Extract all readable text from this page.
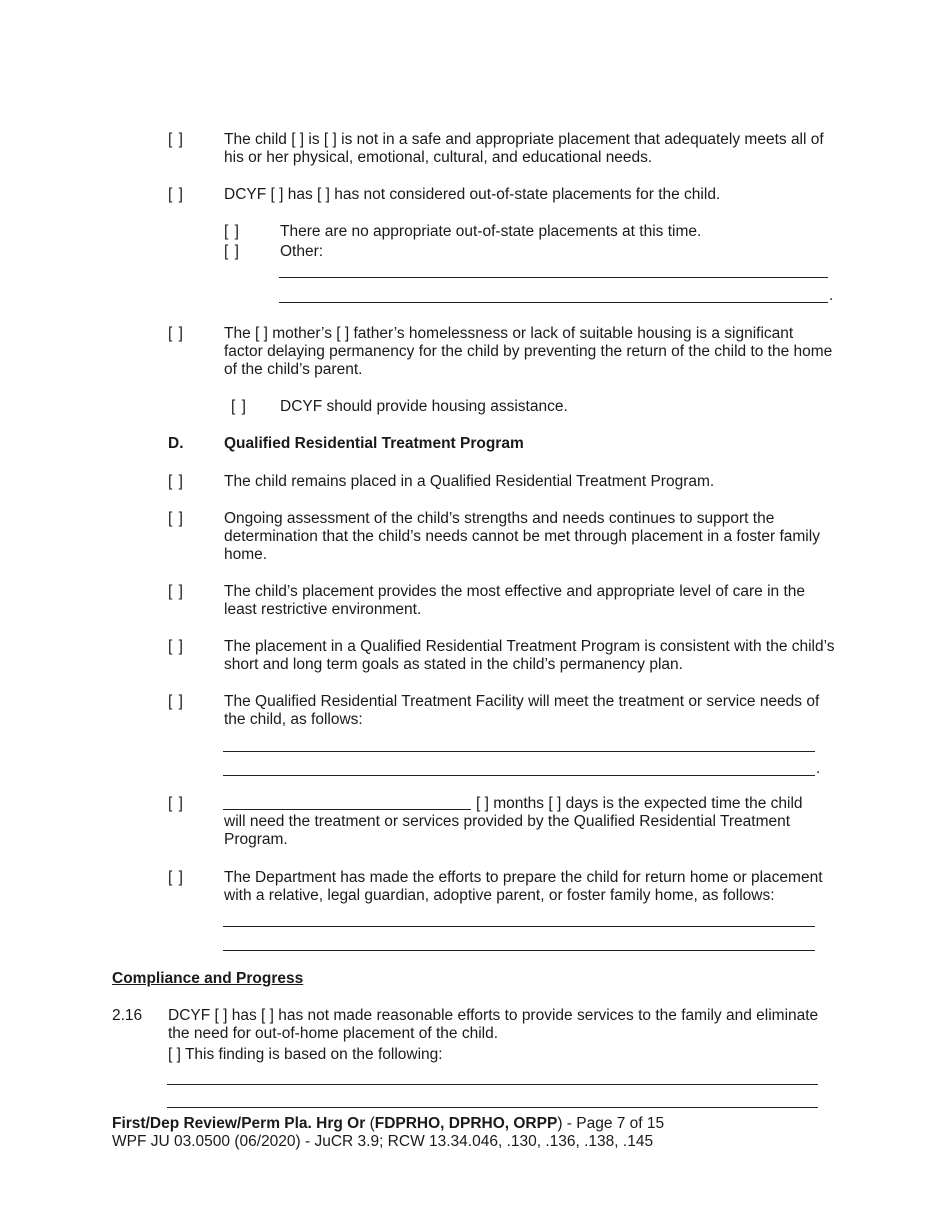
[ ]	The child [ ] is [ ] is not in a safe and appropriate placement that adequately meets all of
his or her physical, emotional, cultural, and educational needs.
[ ]	DCYF [ ] has [ ] has not considered out-of-state placements for the child.
[ ]	There are no appropriate out-of-state placements at this time.
[ ]	Other:
.
[ ]	The [ ] mother’s [ ] father’s homelessness or lack of suitable housing is a significant
factor delaying permanency for the child by preventing the return of the child to the home
of the child’s parent.
[ ] DCYF should provide housing assistance.
D.	Qualified Residential Treatment Program
[ ]	The child remains placed in a Qualified Residential Treatment Program.
[ ]	Ongoing assessment of the child’s strengths and needs continues to support the
determination that the child’s needs cannot be met through placement in a foster family
home.
[ ]	The child’s placement provides the most effective and appropriate level of care in the
least restrictive environment.
[ ]	The placement in a Qualified Residential Treatment Program is consistent with the child’s
short and long term goals as stated in the child’s permanency plan.
[ ]	The Qualified Residential Treatment Facility will meet the treatment or service needs of
the child, as follows:
.
[ ]	[ ] months [ ] days is the expected time the child
will need the treatment or services provided by the Qualified Residential Treatment
Program.
[ ]	The Department has made the efforts to prepare the child for return home or placement
with a relative, legal guardian, adoptive parent, or foster family home, as follows:
Compliance and Progress
2.16 DCYF [ ] has [ ] has not made reasonable efforts to provide services to the family and eliminate
the need for out-of-home placement of the child.
[ ] This finding is based on the following:
First/Dep Review/Perm Pla. Hrg Or (FDPRHO, DPRHO, ORPP) - Page 7 of 15
WPF JU 03.0500 (06/2020) - JuCR 3.9; RCW 13.34.046, .130, .136, .138, .145
